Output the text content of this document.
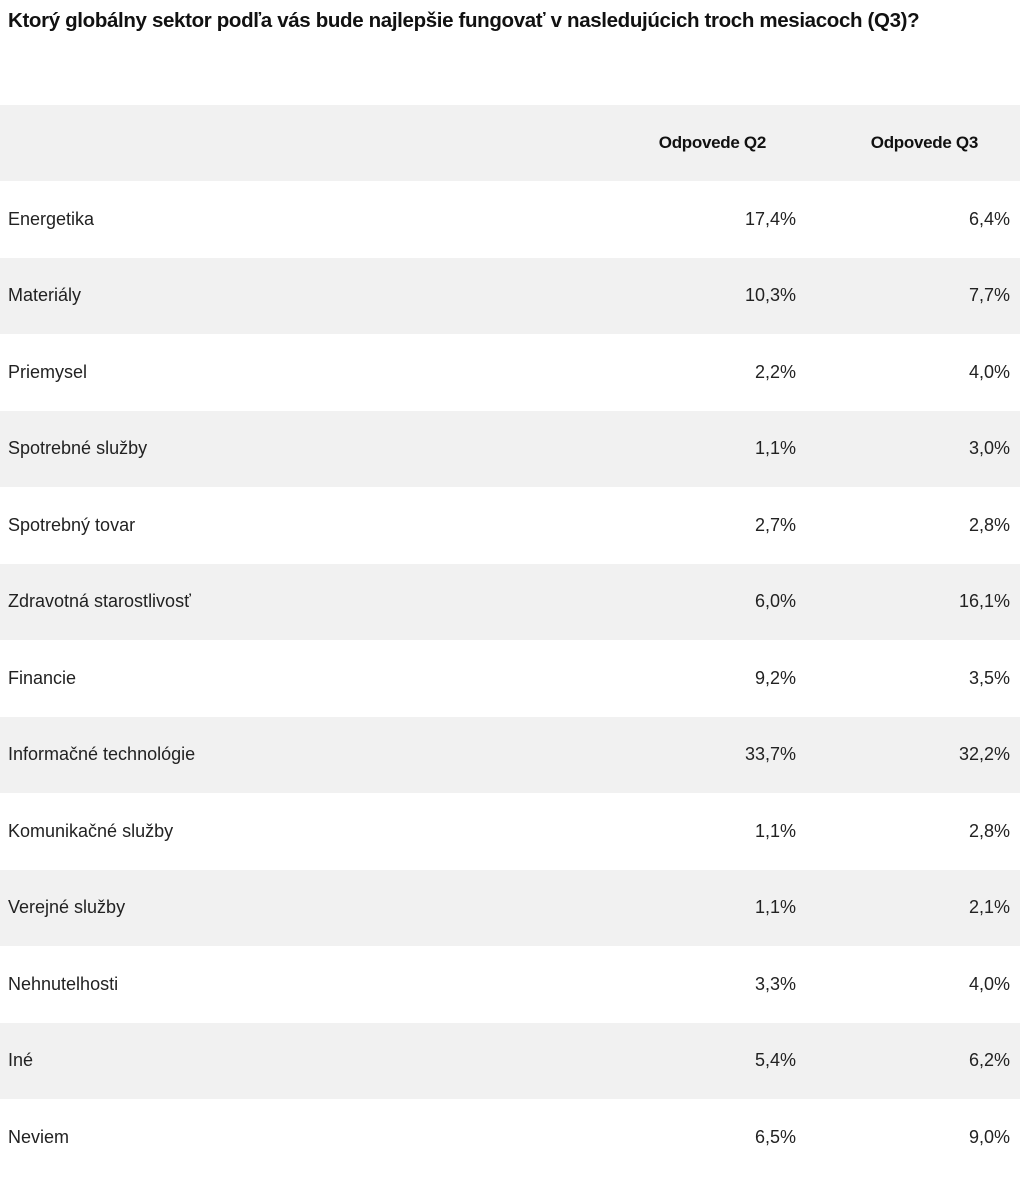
Ktorý globálny sektor podľa vás bude najlepšie fungovať v nasledujúcich troch mesiacoch (Q3)?
Odpovede Q2	Odpovede Q3
Energetika	17,4%	6,4%
Materiály	10,3%	7,7%
Priemysel	2,2%	4,0%
Spotrebné služby	1,1%	3,0%
Spotrebný tovar	2,7%	2,8%
Zdravotná starostlivosť	6,0%	16,1%
Financie	9,2%	3,5%
Informačné technológie	33,7%	32,2%
Komunikačné služby	1,1%	2,8%
Verejné služby	1,1%	2,1%
Nehnutelhosti	3,3%	4,0%
Iné	5,4%	6,2%
Neviem	6,5%	9,0%
